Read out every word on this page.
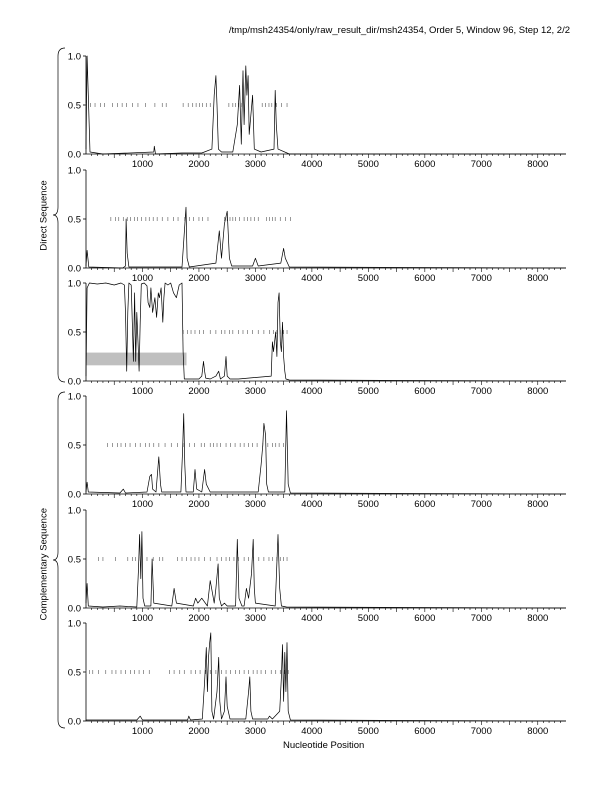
/tmp/msh24354/only/raw_result_dir/msh24354, Order 5, Window 96, Step 12, 2/2
Direct Sequence
Complementary Sequence
0.0
0.5
1.0
1000	2000	3000	4000	5000	6000	7000	8000
0.0
0.5
1.0
1000	2000	3000	4000	5000	6000	7000	8000
0.0
0.5
1.0
1000	2000	3000	4000	5000	6000	7000	8000
0.0
0.5
1.0
1000	2000	3000	4000	5000	6000	7000	8000
0.0
0.5
1.0
1000	2000	3000	4000	5000	6000	7000	8000
0.0
0.5
1.0
1000	2000	3000	4000	5000	6000	7000	8000
Nucleotide Position
